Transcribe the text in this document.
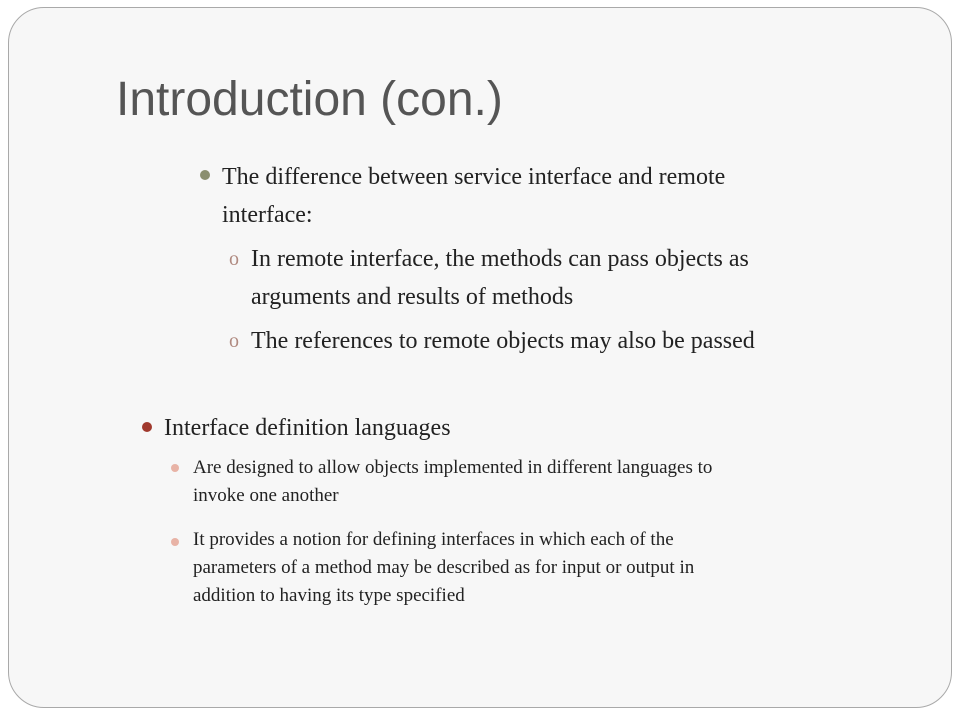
Introduction (con.)
The difference between service interface and remote
interface:
o In remote interface, the methods can pass objects as
arguments and results of methods
o The references to remote objects may also be passed
Interface definition languages
Are designed to allow objects implemented in different languages to
invoke one another
It provides a notion for defining interfaces in which each of the
parameters of a method may be described as for input or output in
addition to having its type specified
